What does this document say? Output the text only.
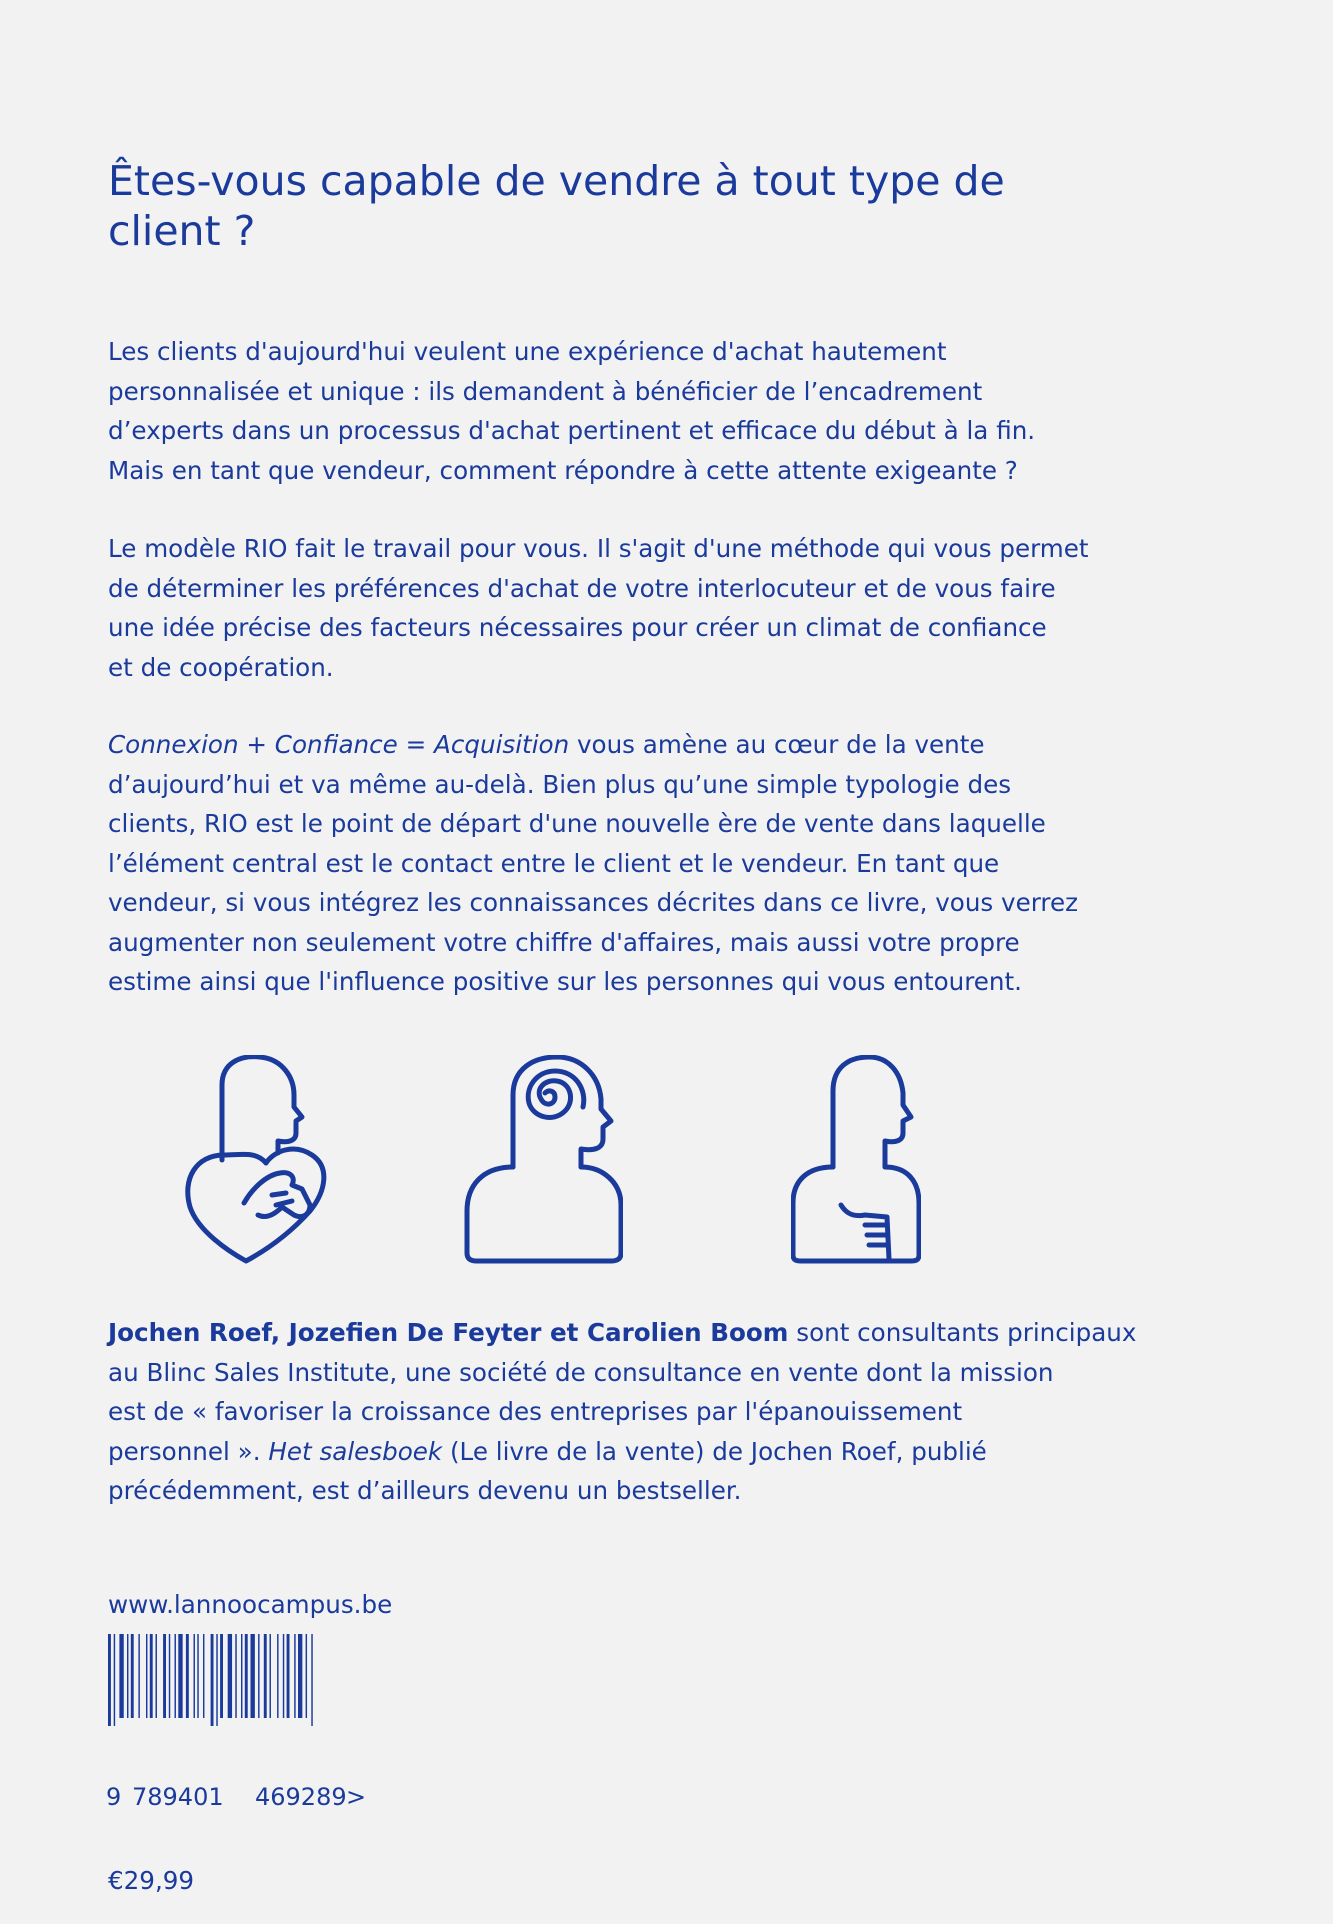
Êtes-vous capable de vendre à tout type de
client ?

Les clients d'aujourd'hui veulent une expérience d'achat hautement
personnalisée et unique : ils demandent à bénéficier de l’encadrement
d’experts dans un processus d'achat pertinent et efficace du début à la fin.
Mais en tant que vendeur, comment répondre à cette attente exigeante ?

Le modèle RIO fait le travail pour vous. Il s'agit d'une méthode qui vous permet
de déterminer les préférences d'achat de votre interlocuteur et de vous faire
une idée précise des facteurs nécessaires pour créer un climat de confiance
et de coopération.

Connexion + Confiance = Acquisition vous amène au cœur de la vente
d’aujourd’hui et va même au-delà. Bien plus qu’une simple typologie des
clients, RIO est le point de départ d'une nouvelle ère de vente dans laquelle
l’élément central est le contact entre le client et le vendeur. En tant que
vendeur, si vous intégrez les connaissances décrites dans ce livre, vous verrez
augmenter non seulement votre chiffre d'affaires, mais aussi votre propre
estime ainsi que l'influence positive sur les personnes qui vous entourent.

Jochen Roef, Jozefien De Feyter et Carolien Boom sont consultants principaux
au Blinc Sales Institute, une société de consultance en vente dont la mission
est de « favoriser la croissance des entreprises par l'épanouissement
personnel ». Het salesboek (Le livre de la vente) de Jochen Roef, publié
précédemment, est d’ailleurs devenu un bestseller.

www.lannoocampus.be
9 789401 469289 >
€29,99
